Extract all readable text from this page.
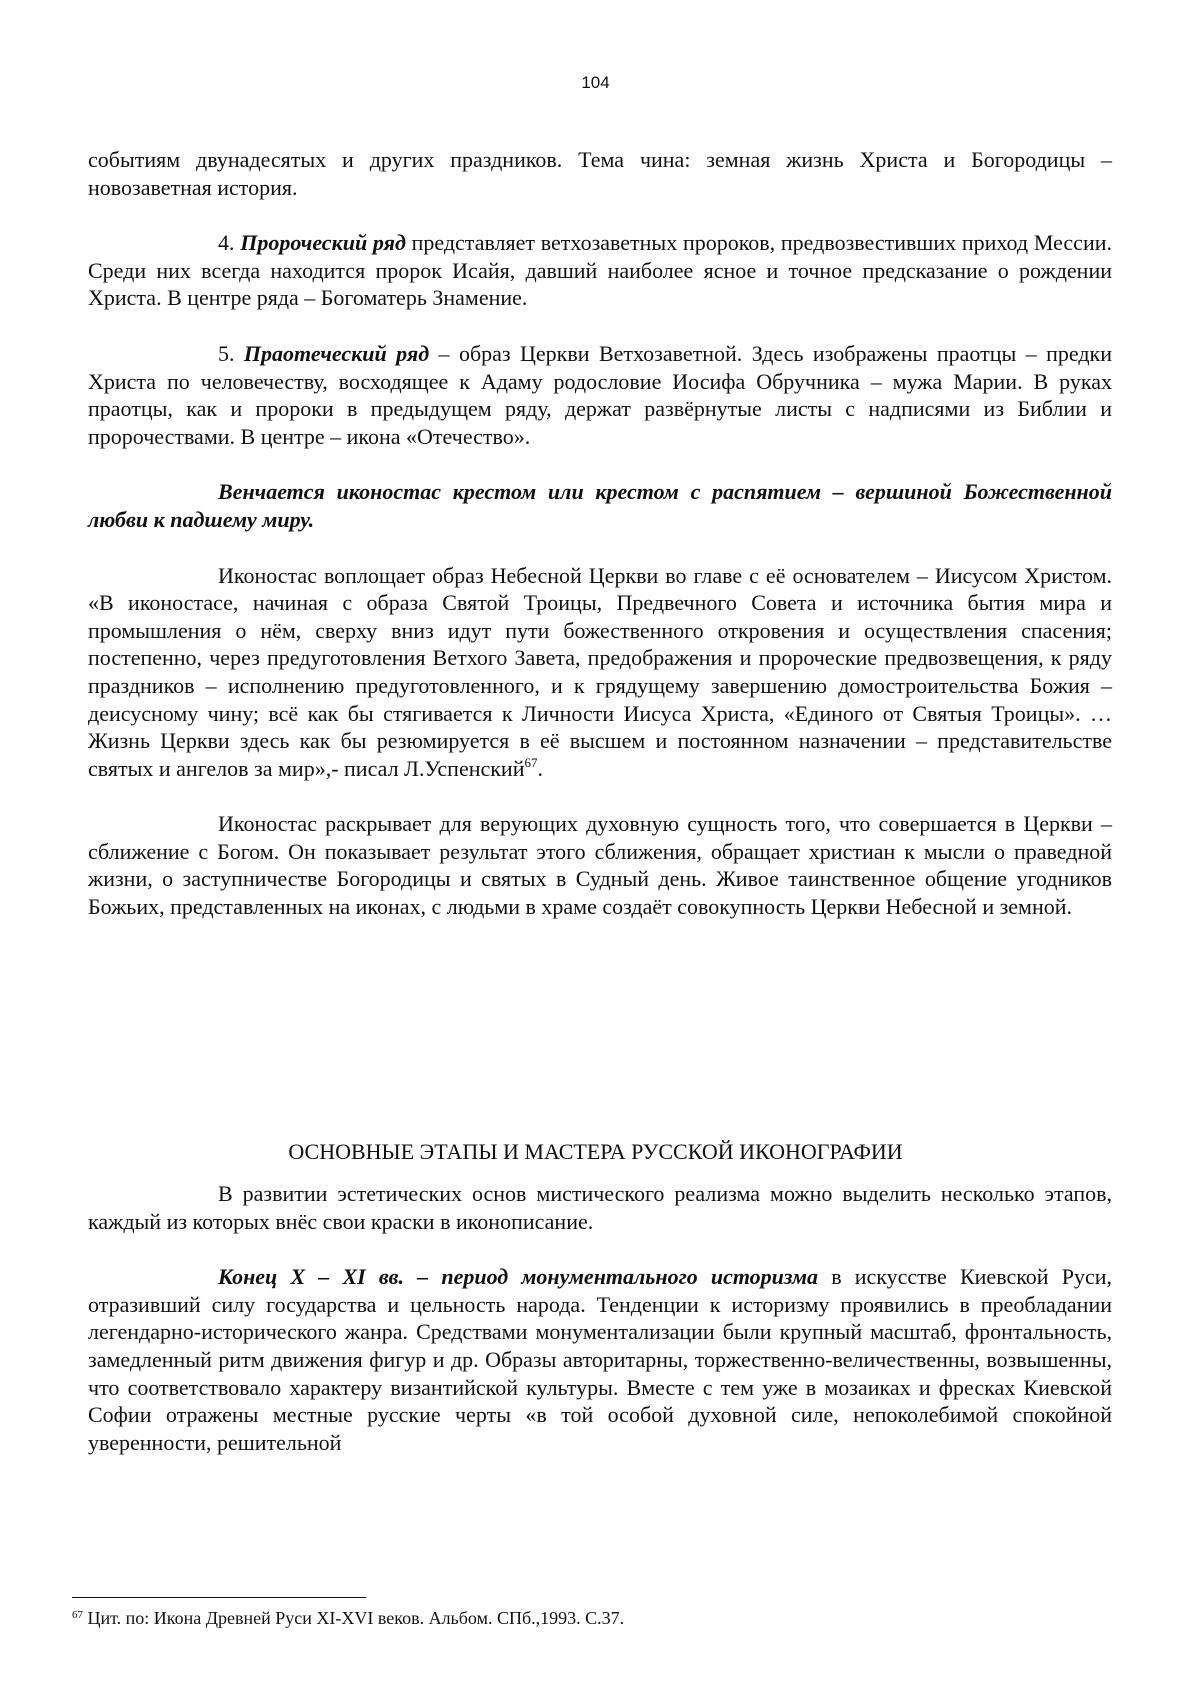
104

событиям двунадесятых и других праздников. Тема чина: земная жизнь Христа и Богородицы – новозаветная история.

4. Пророческий ряд представляет ветхозаветных пророков, предвозвестивших приход Мессии. Среди них всегда находится пророк Исайя, давший наиболее ясное и точное предсказание о рождении Христа. В центре ряда – Богоматерь Знамение.

5. Праотеческий ряд – образ Церкви Ветхозаветной. Здесь изображены праотцы – предки Христа по человечеству, восходящее к Адаму родословие Иосифа Обручника – мужа Марии. В руках праотцы, как и пророки в предыдущем ряду, держат развёрнутые листы с надписями из Библии и пророчествами. В центре – икона «Отечество».

Венчается иконостас крестом или крестом с распятием – вершиной Божественной любви к падшему миру.

Иконостас воплощает образ Небесной Церкви во главе с её основателем – Иисусом Христом. «В иконостасе, начиная с образа Святой Троицы, Предвечного Совета и источника бытия мира и промышления о нём, сверху вниз идут пути божественного откровения и осуществления спасения; постепенно, через предуготовления Ветхого Завета, предображения и пророческие предвозвещения, к ряду праздников – исполнению предуготовленного, и к грядущему завершению домостроительства Божия – деисусному чину; всё как бы стягивается к Личности Иисуса Христа, «Единого от Святыя Троицы». … Жизнь Церкви здесь как бы резюмируется в её высшем и постоянном назначении – представительстве святых и ангелов за мир»,- писал Л.Успенский$^{67}$.

Иконостас раскрывает для верующих духовную сущность того, что совершается в Церкви – сближение с Богом. Он показывает результат этого сближения, обращает христиан к мысли о праведной жизни, о заступничестве Богородицы и святых в Судный день. Живое таинственное общение угодников Божьих, представленных на иконах, с людьми в храме создаёт совокупность Церкви Небесной и земной.

ОСНОВНЫЕ ЭТАПЫ И МАСТЕРА РУССКОЙ ИКОНОГРАФИИ

В развитии эстетических основ мистического реализма можно выделить несколько этапов, каждый из которых внёс свои краски в иконописание.

Конец X – XI вв. – период монументального историзма в искусстве Киевской Руси, отразивший силу государства и цельность народа. Тенденции к историзму проявились в преобладании легендарно-исторического жанра. Средствами монументализации были крупный масштаб, фронтальность, замедленный ритм движения фигур и др. Образы авторитарны, торжественно-величественны, возвышенны, что соответствовало характеру византийской культуры. Вместе с тем уже в мозаиках и фресках Киевской Софии отражены местные русские черты «в той особой духовной силе, непоколебимой спокойной уверенности, решительной

$^{67}$ Цит. по: Икона Древней Руси XI-XVI веков. Альбом. СПб.,1993. С.37.
